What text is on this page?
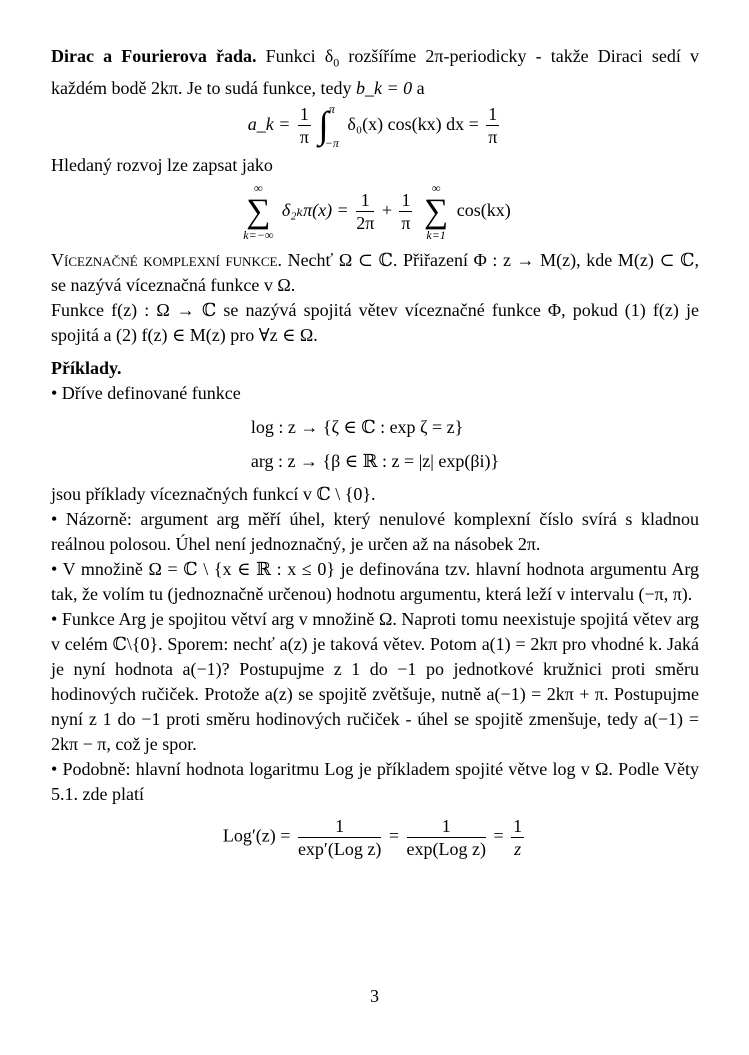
Dirac a Fourierova řada. Funkci $\delta_0$ rozšíříme 2π-periodicky - takže Diraci sedí v každém bodě 2kπ. Je to sudá funkce, tedy b_k = 0 a

a_k = $\frac{1}{\pi}$ ∫ π
−π
δ₀(x) cos(kx) dx = $\frac{1}{\pi}$

Hledaný rozvoj lze zapsat jako

∞
∑
k=−∞
$\delta_{2k}\pi(x) = \frac{1}{2\pi} + \frac{1}{\pi}$

∞
∑
k=1
cos(kx)

Víceznačné komplexní funkce. Nechť Ω ⊂ ℂ. Přiřazení Φ : z → M(z), kde M(z) ⊂ ℂ, se nazývá víceznačná funkce v Ω.

Funkce f(z) : Ω → ℂ se nazývá spojitá větev víceznačné funkce Φ, pokud (1) f(z) je spojitá a (2) f(z) ∈ M(z) pro ∀z ∈ Ω.

Příklady.

• Dříve definované funkce

log : z → {ζ ∈ ℂ : exp ζ = z}
arg : z → {β ∈ ℝ : z = |z| exp(βi)}

jsou příklady víceznačných funkcí v ℂ \ {0}.

• Názorně: argument arg měří úhel, který nenulové komplexní číslo svírá s kladnou reálnou polosou. Úhel není jednoznačný, je určen až na násobek 2π.

• V množině Ω = ℂ \ {x ∈ ℝ : x ≤ 0} je definována tzv. hlavní hodnota argumentu Arg tak, že volím tu (jednoznačně určenou) hodnotu argumentu, která leží v intervalu (−π, π).

• Funkce Arg je spojitou větví arg v množině Ω. Naproti tomu neexistuje spojitá větev arg v celém ℂ\{0}. Sporem: nechť a(z) je taková větev. Potom a(1) = 2kπ pro vhodné k. Jaká je nyní hodnota a(−1)? Postupujme z 1 do −1 po jednotkové kružnici proti směru hodinových ručiček. Protože a(z) se spojitě zvětšuje, nutně a(−1) = 2kπ + π. Postupujme nyní z 1 do −1 proti směru hodinových ručiček - úhel se spojitě zmenšuje, tedy a(−1) = 2kπ − π, což je spor.

• Podobně: hlavní hodnota logaritmu Log je příkladem spojité větve log v Ω. Podle Věty 5.1. zde platí

$Log'(z) = \frac{1}{\text{exp′(Log z)}} = \frac{1}{\text{exp(Log z)}} = \frac{1}{z}$
3
